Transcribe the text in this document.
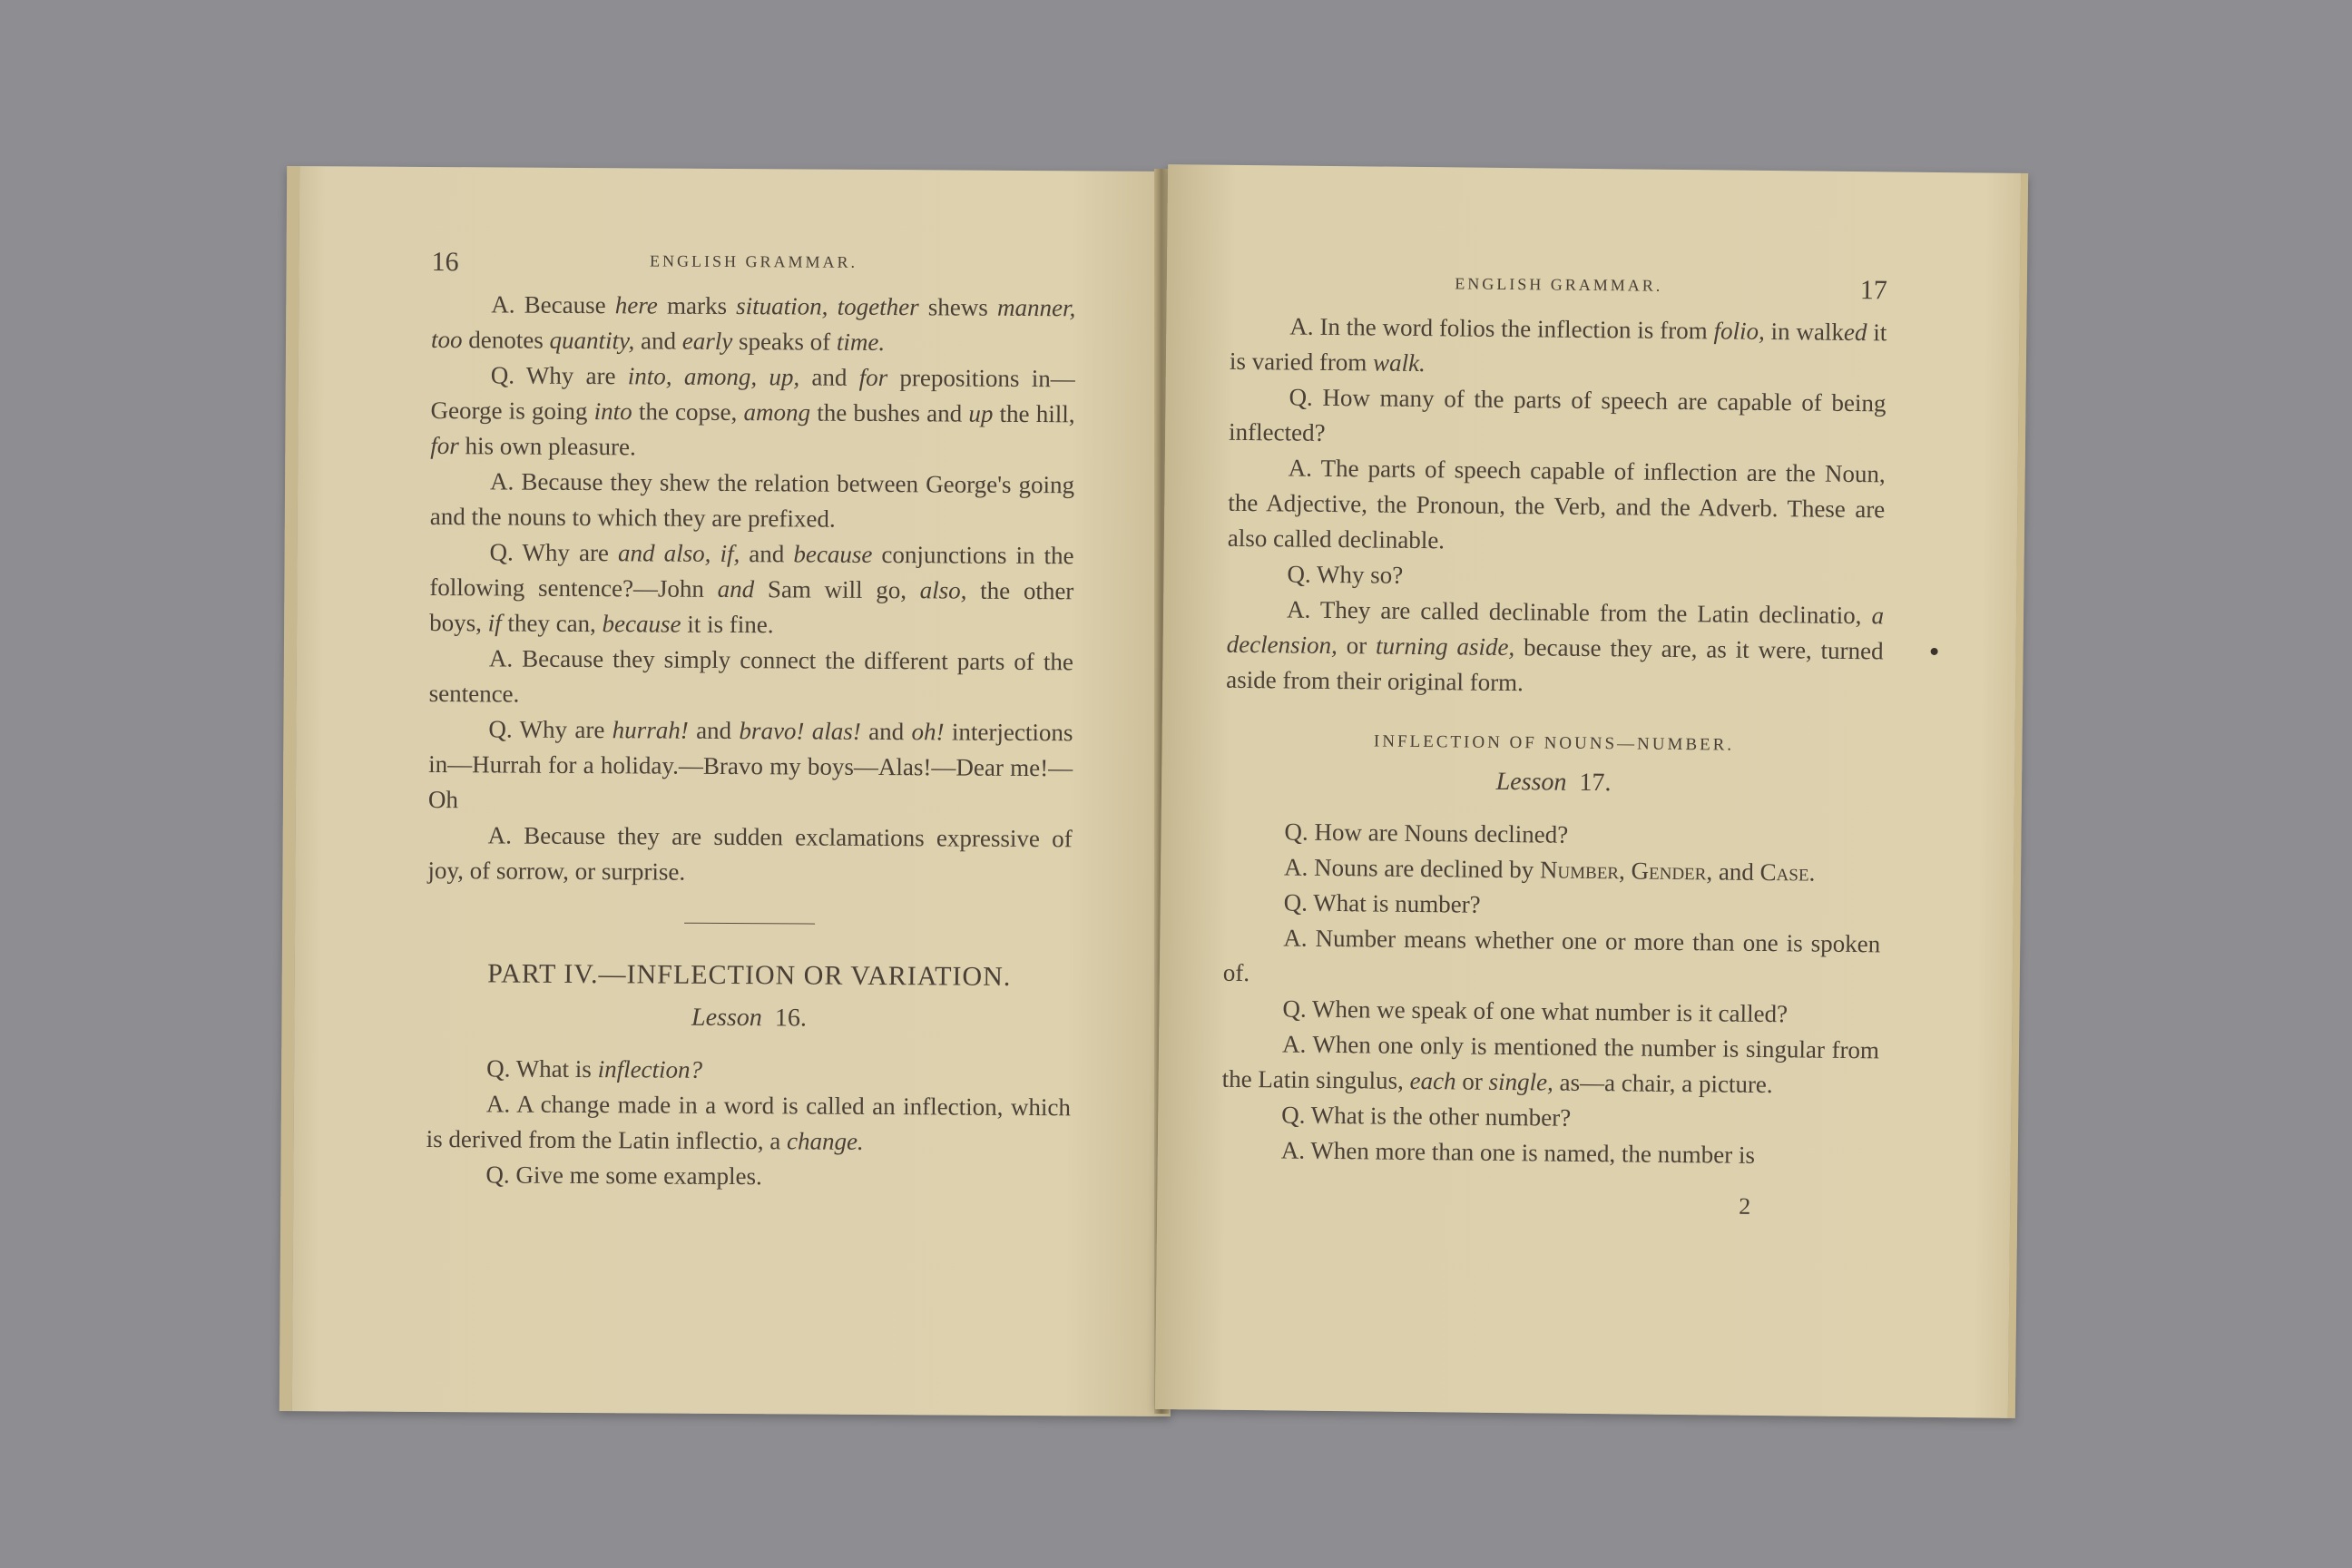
16	ENGLISH GRAMMAR.

A. Because here marks situation, together shews manner, too denotes quantity, and early speaks of time.

Q. Why are into, among, up, and for prepositions in—George is going into the copse, among the bushes and up the hill, for his own pleasure.

A. Because they shew the relation between George's going and the nouns to which they are prefixed.

Q. Why are and also, if, and because conjunctions in the following sentence?—John and Sam will go, also, the other boys, if they can, because it is fine.

A. Because they simply connect the different parts of the sentence.

Q. Why are hurrah! and bravo! alas! and oh! interjections in—Hurrah for a holiday.—Bravo my boys—Alas!—Dear me!—Oh

A. Because they are sudden exclamations expressive of joy, of sorrow, or surprise.

PART IV.—INFLECTION OR VARIATION.
Lesson 16.

Q. What is inflection?

A. A change made in a word is called an inflection, which is derived from the Latin inflectio, a change.

Q. Give me some examples.

ENGLISH GRAMMAR.	17

A. In the word folios the inflection is from folio, in walked it is varied from walk.

Q. How many of the parts of speech are capable of being inflected?

A. The parts of speech capable of inflection are the Noun, the Adjective, the Pronoun, the Verb, and the Adverb. These are also called declinable.

Q. Why so?

A. They are called declinable from the Latin declinatio, a declension, or turning aside, because they are, as it were, turned aside from their original form.

INFLECTION OF NOUNS—NUMBER.
Lesson 17.

Q. How are Nouns declined?

A. Nouns are declined by Number, Gender, and Case.

Q. What is number?

A. Number means whether one or more than one is spoken of.

Q. When we speak of one what number is it called?

A. When one only is mentioned the number is singular from the Latin singulus, each or single, as—a chair, a picture.

Q. What is the other number?

A. When more than one is named, the number is

2
